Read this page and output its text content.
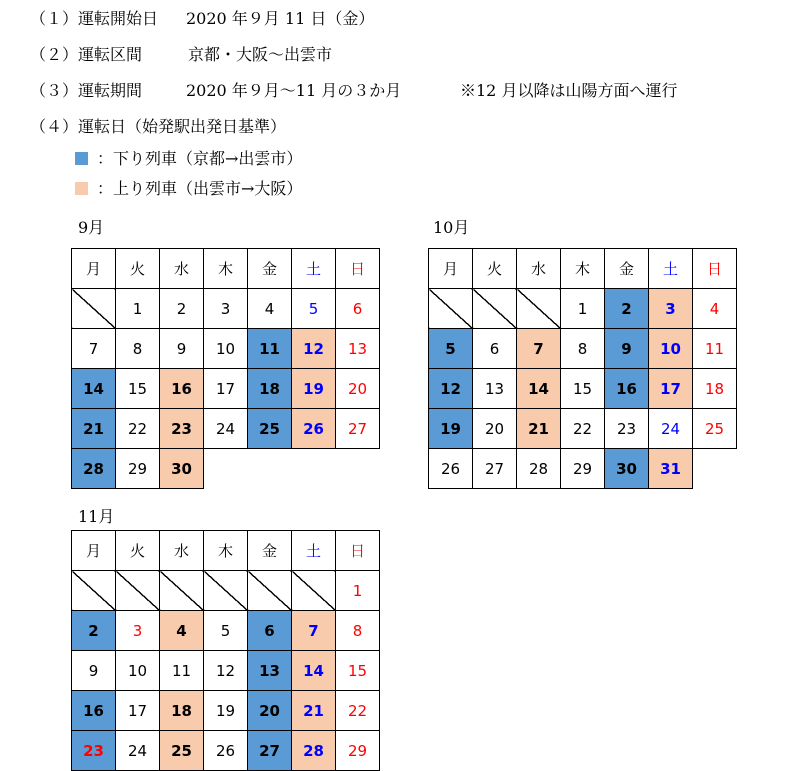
（１）運転開始日 2020 年９月 11 日（金）
（２）運転区間	京都・大阪～出雲市
（３）運転期間	2020 年９月～11 月の３か月	※12 月以降は山陽方面へ運行
（４）運転日（始発駅出発日基準）
：下り列車（京都→出雲市）
：上り列車（出雲市→大阪）
9月
月	火	水	木	金	土	日
	1	2	3	4	5	6
7	8	9	10	11	12	13
14	15	16	17	18	19	20
21	22	23	24	25	26	27
28	29	30				
10月
月	火	水	木	金	土	日
			1	2	3	4
5	6	7	8	9	10	11
12	13	14	15	16	17	18
19	20	21	22	23	24	25
26	27	28	29	30	31	
11月
月	火	水	木	金	土	日
						1
2	3	4	5	6	7	8
9	10	11	12	13	14	15
16	17	18	19	20	21	22
23	24	25	26	27	28	29
